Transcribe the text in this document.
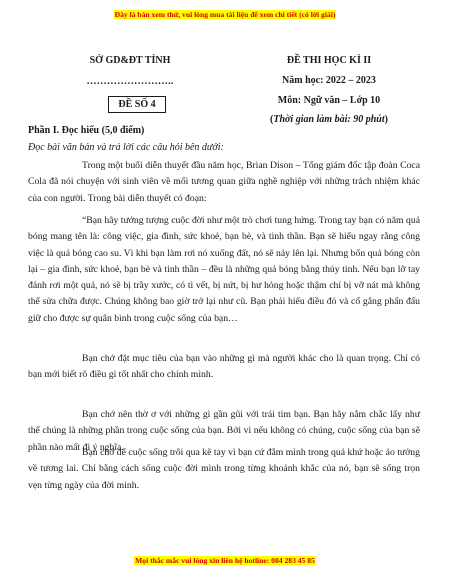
Đây là bản xem thử, vui lòng mua tài liệu để xem chi tiết (có lời giải)
SỞ GD&ĐT TỈNH
……………………..
ĐỀ SỐ 4
ĐỀ THI HỌC KÌ II
Năm học: 2022 – 2023
Môn: Ngữ văn – Lớp 10
(Thời gian làm bài: 90 phút)
Phần I. Đọc hiểu (5,0 điểm)
Đọc bài văn bản và trả lời các câu hỏi bên dưới:
Trong một buổi diễn thuyết đầu năm học, Brian Dison – Tổng giám đốc tập đoàn Coca Cola đã nói chuyện với sinh viên về mối tương quan giữa nghề nghiệp với những trách nhiệm khác của con người. Trong bài diễn thuyết có đoạn:
“Bạn hãy tưởng tượng cuộc đời như một trò chơi tung hứng. Trong tay bạn có năm quả bóng mang tên là: công việc, gia đình, sức khoẻ, bạn bè, và tinh thần. Bạn sẽ hiểu ngay rằng công việc là quả bóng cao su. Vì khi bạn làm rơi nó xuống đất, nó sẽ nảy lên lại. Nhưng bốn quả bóng còn lại – gia đình, sức khoẻ, bạn bè và tinh thần – đều là những quả bóng bằng thủy tinh. Nếu bạn lỡ tay đánh rơi một quả, nó sẽ bị trầy xước, có tì vết, bị nứt, bị hư hỏng hoặc thậm chí bị vỡ nát mà không thể sửa chữa được. Chúng không bao giờ trở lại như cũ. Bạn phải hiểu điều đó và cố gắng phấn đấu giữ cho được sự quân bình trong cuộc sống của bạn…
Bạn chớ đặt mục tiêu của bạn vào những gì mà người khác cho là quan trọng. Chỉ có bạn mới biết rõ điều gì tốt nhất cho chính mình.
Bạn chớ nên thờ ơ với những gì gần gũi với trái tim bạn. Bạn hãy nắm chắc lấy như thể chúng là những phần trong cuộc sống của bạn. Bởi vì nếu không có chúng, cuộc sống của bạn sẽ phần nào mất đi ý nghĩa.
Bạn chớ để cuộc sống trôi qua kẽ tay vì bạn cứ đắm mình trong quá khứ hoặc ảo tưởng về tương lai. Chỉ bằng cách sống cuộc đời mình trong từng khoảnh khắc của nó, bạn sẽ sống trọn vẹn từng ngày của đời mình.
Mọi thắc mắc vui lòng xin liên hệ hotline: 084 283 45 85
